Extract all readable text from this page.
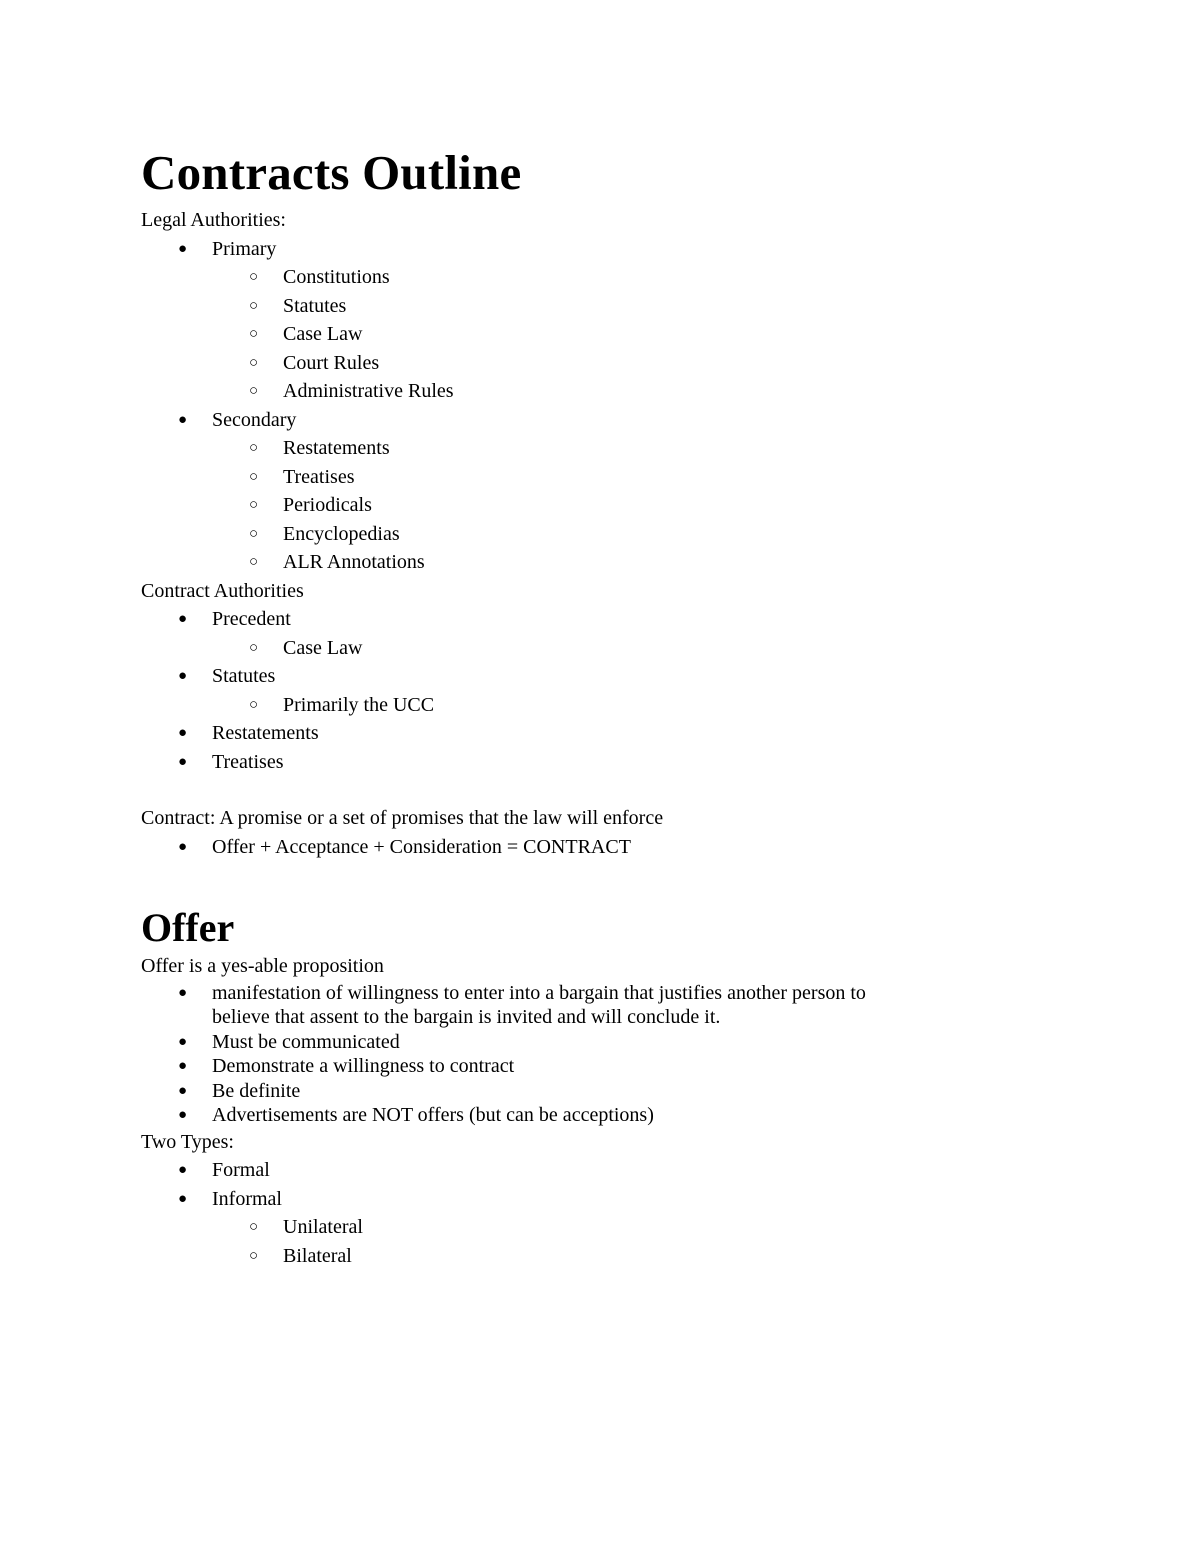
Contracts Outline

Legal Authorities:

● Primary
○ Constitutions
○ Statutes
○ Case Law
○ Court Rules
○ Administrative Rules
● Secondary
○ Restatements
○ Treatises
○ Periodicals
○ Encyclopedias
○ ALR Annotations

Contract Authorities

● Precedent
○ Case Law
● Statutes
○ Primarily the UCC
● Restatements
● Treatises

Contract: A promise or a set of promises that the law will enforce

● Offer + Acceptance + Consideration = CONTRACT
Offer

Offer is a yes-able proposition

● manifestation of willingness to enter into a bargain that justifies another person to believe that assent to the bargain is invited and will conclude it.
● Must be communicated
● Demonstrate a willingness to contract
● Be definite
● Advertisements are NOT offers (but can be acceptions)

Two Types:

● Formal
● Informal
○ Unilateral
○ Bilateral
